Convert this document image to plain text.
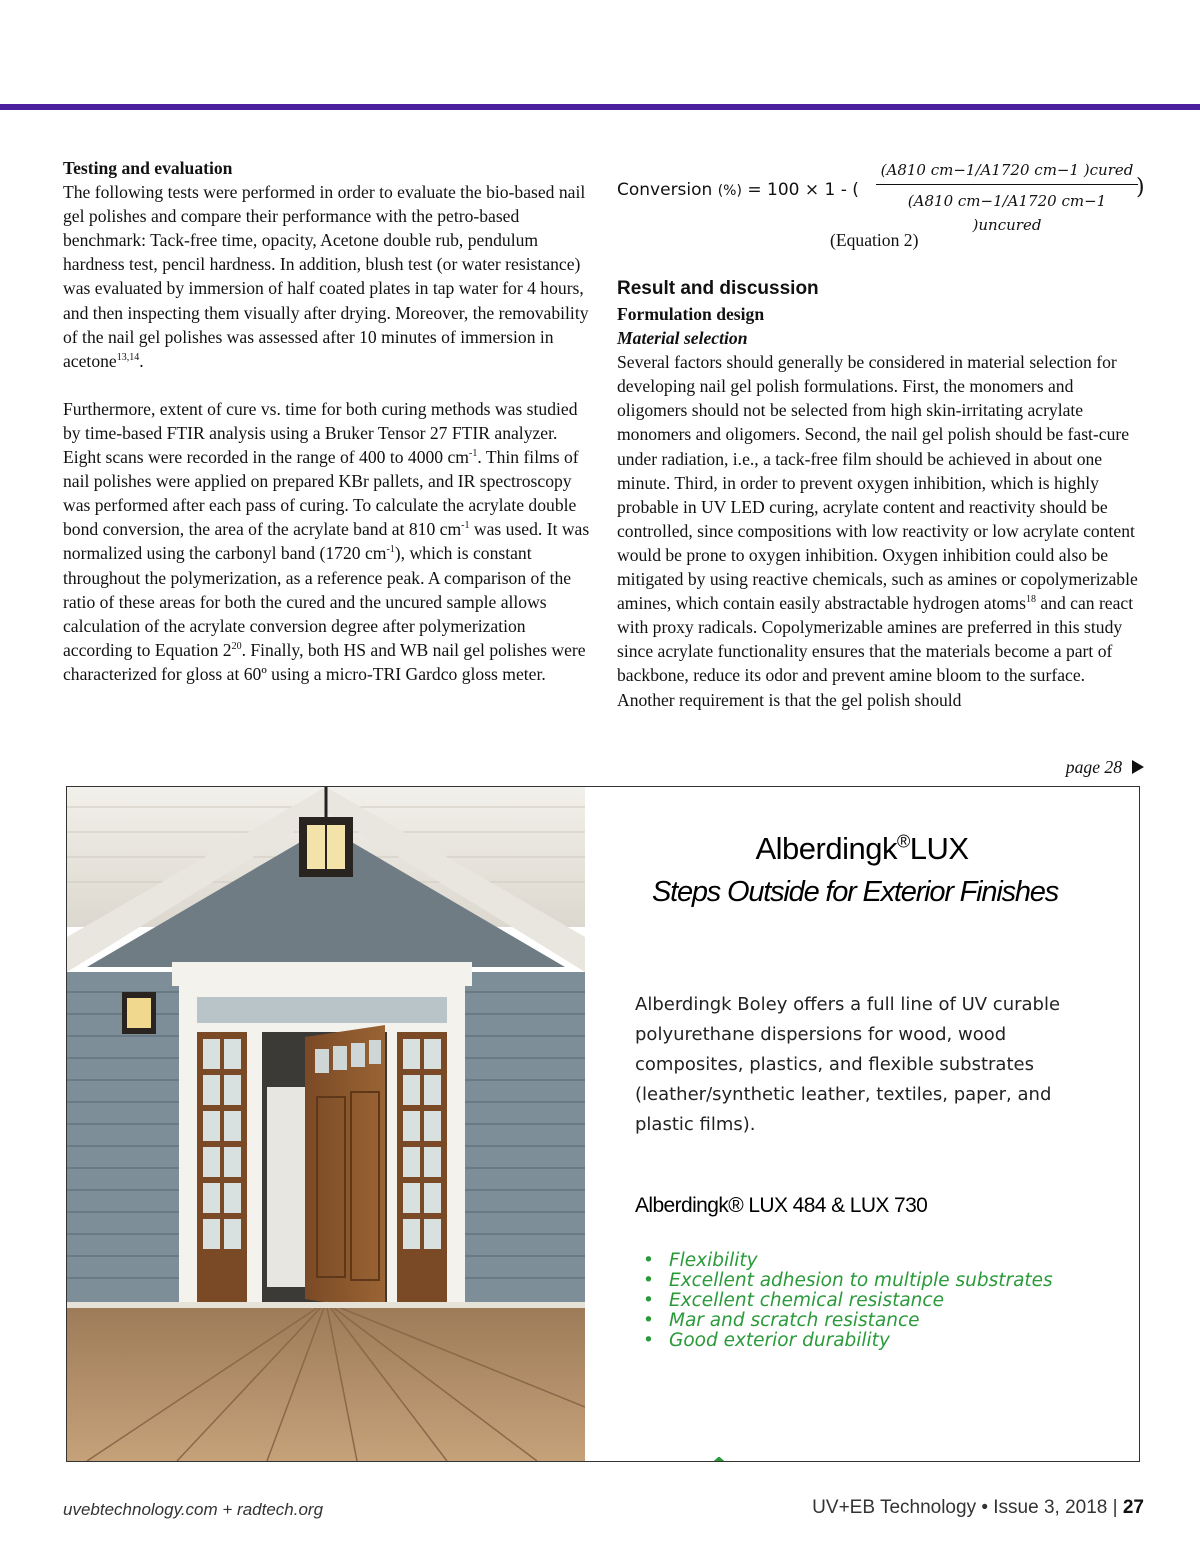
Testing and evaluation

The following tests were performed in order to evaluate the bio-based nail gel polishes and compare their performance with the petro-based benchmark: Tack-free time, opacity, Acetone double rub, pendulum hardness test, pencil hardness. In addition, blush test (or water resistance) was evaluated by immersion of half coated plates in tap water for 4 hours, and then inspecting them visually after drying. Moreover, the removability of the nail gel polishes was assessed after 10 minutes of immersion in acetone$^{13,14}$.

Furthermore, extent of cure vs. time for both curing methods was studied by time-based FTIR analysis using a Bruker Tensor 27 FTIR analyzer. Eight scans were recorded in the range of 400 to 4000 $cm^{-1}$. Thin films of nail polishes were applied on prepared KBr pallets, and IR spectroscopy was performed after each pass of curing. To calculate the acrylate double bond conversion, the area of the acrylate band at 810 $cm^{-1}$ was used. It was normalized using the carbonyl band (1720 $cm^{-1}$), which is constant throughout the polymerization, as a reference peak. A comparison of the ratio of these areas for both the cured and the uncured sample allows calculation of the acrylate conversion degree after polymerization according to Equation $2^{20}$. Finally, both HS and WB nail gel polishes were characterized for gloss at 60º using a micro-TRI Gardco gloss meter.

Conversion (%) = 100 × 1 - (
(A810 cm−1/A1720 cm−1 )cured
(A810 cm−1/A1720 cm−1 )uncured
)
(Equation 2)
Result and discussion
Formulation design
Material selection

Several factors should generally be considered in material selection for developing nail gel polish formulations. First, the monomers and oligomers should not be selected from high skin-irritating acrylate monomers and oligomers. Second, the nail gel polish should be fast-cure under radiation, i.e., a tack-free film should be achieved in about one minute. Third, in order to prevent oxygen inhibition, which is highly probable in UV LED curing, acrylate content and reactivity should be controlled, since compositions with low reactivity or low acrylate content would be prone to oxygen inhibition. Oxygen inhibition could also be mitigated by using reactive chemicals, such as amines or copolymerizable amines, which contain easily abstractable hydrogen atoms$^{18}$ and can react with proxy radicals. Copolymerizable amines are preferred in this study since acrylate functionality ensures that the materials become a part of backbone, reduce its odor and prevent amine bloom to the surface. Another requirement is that the gel polish should

page 28
Alberdingk®LUX
Steps Outside for Exterior Finishes
Alberdingk Boley offers a full line of UV curable polyurethane dispersions for wood, wood composites, plastics, and flexible substrates (leather/synthetic leather, textiles, paper, and plastic films).
Alberdingk® LUX 484 & LUX 730
• Flexibility
• Excellent adhesion to multiple substrates
• Excellent chemical resistance
• Mar and scratch resistance
• Good exterior durability
uvebtechnology.com + radtech.org	UV+EB Technology • Issue 3, 2018 | 27
